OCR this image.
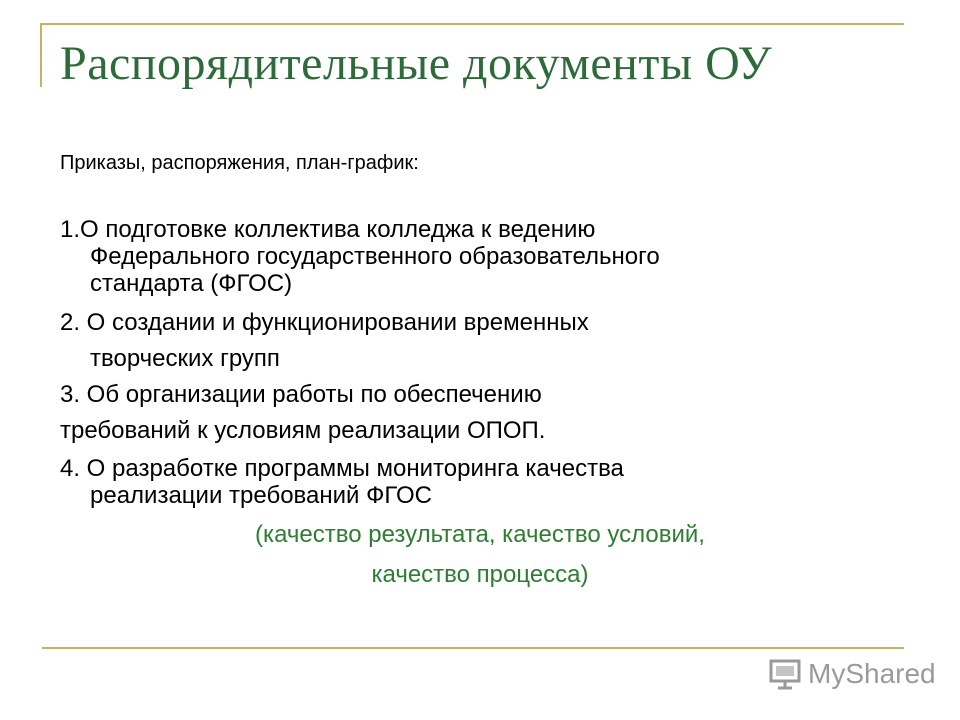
Распорядительные документы ОУ

Приказы, распоряжения, план-график:

1.О подготовке коллектива колледжа к ведению
Федерального государственного образовательного
стандарта (ФГОС)
2. О создании и функционировании временных
творческих групп
3. Об организации работы по обеспечению
требований к условиям реализации ОПОП.
4. О разработке программы мониторинга качества
реализации требований ФГОС
(качество результата, качество условий,
качество процесса)
MyShared
